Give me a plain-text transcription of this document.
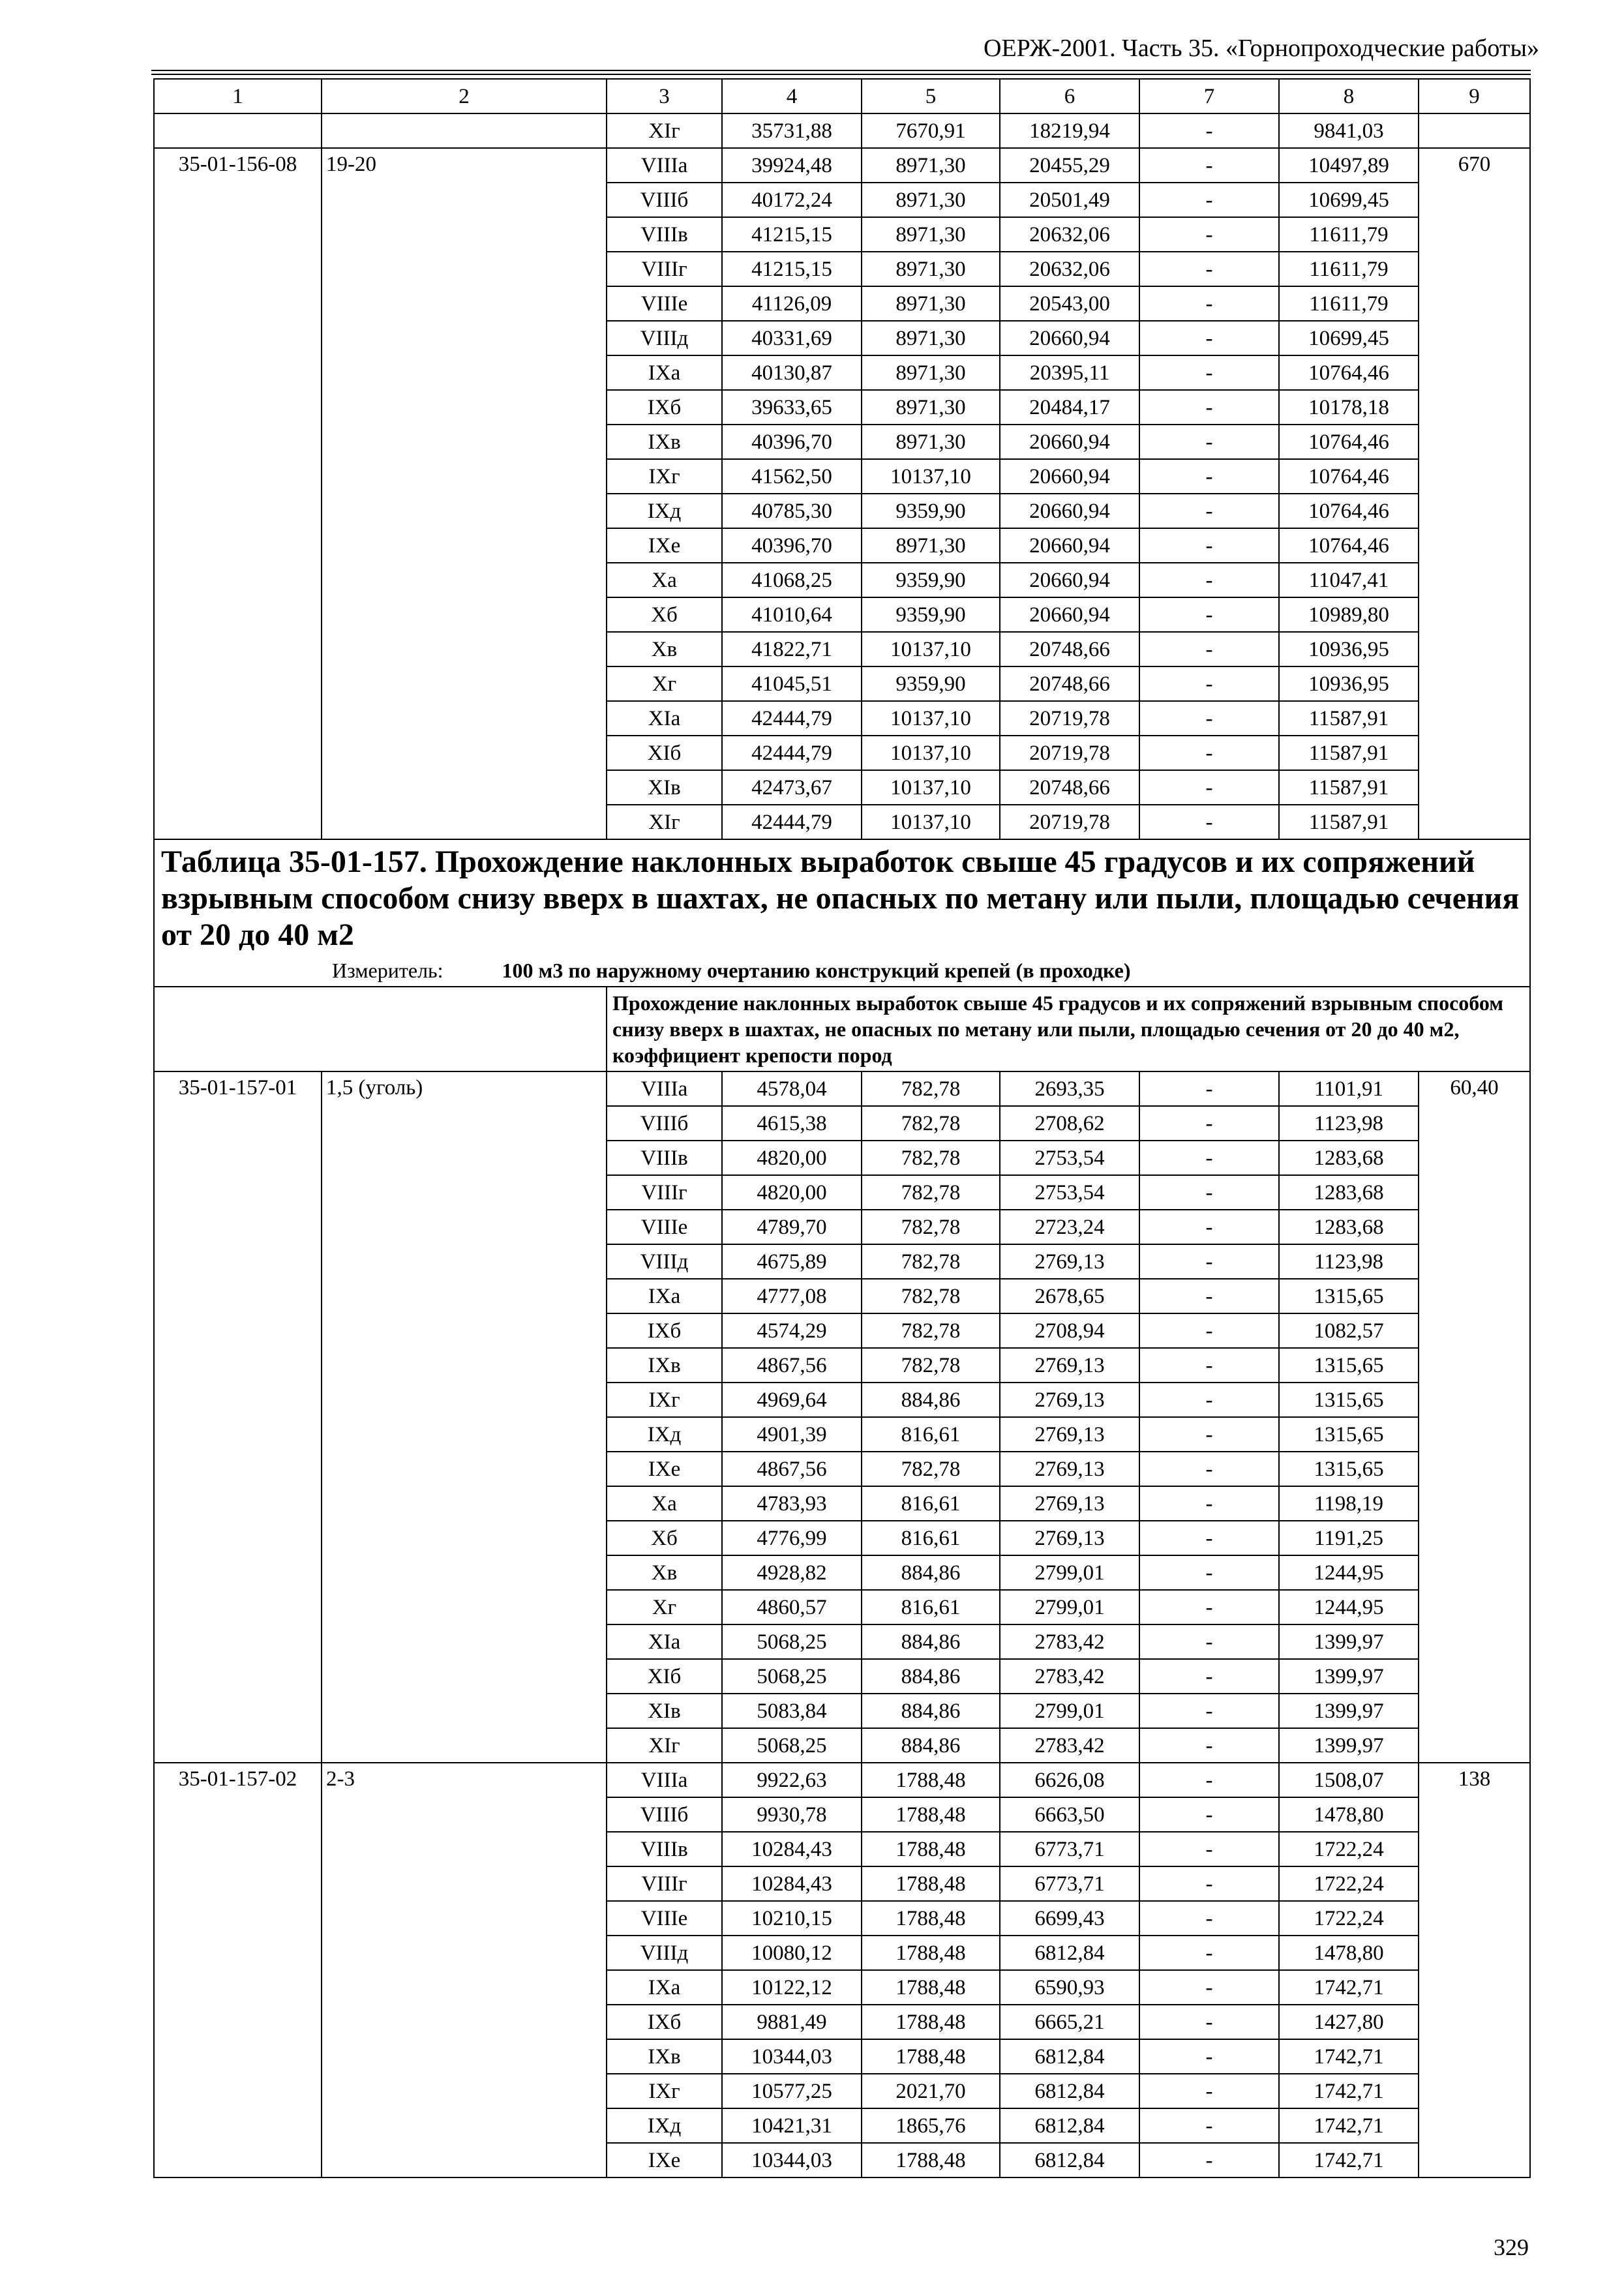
ОЕРЖ-2001. Часть 35. «Горнопроходческие работы»
1	2	3	4	5	6	7	8	9
		XIг	35731,88	7670,91	18219,94	-	9841,03	
35-01-156-08	19-20	VIIIа	39924,48	8971,30	20455,29	-	10497,89	670
		VIIIб	40172,24	8971,30	20501,49	-	10699,45	
		VIIIв	41215,15	8971,30	20632,06	-	11611,79	
		VIIIг	41215,15	8971,30	20632,06	-	11611,79	
		VIIIе	41126,09	8971,30	20543,00	-	11611,79	
		VIIIд	40331,69	8971,30	20660,94	-	10699,45	
		IXа	40130,87	8971,30	20395,11	-	10764,46	
		IXб	39633,65	8971,30	20484,17	-	10178,18	
		IXв	40396,70	8971,30	20660,94	-	10764,46	
		IXг	41562,50	10137,10	20660,94	-	10764,46	
		IXд	40785,30	9359,90	20660,94	-	10764,46	
		IXе	40396,70	8971,30	20660,94	-	10764,46	
		Xа	41068,25	9359,90	20660,94	-	11047,41	
		Xб	41010,64	9359,90	20660,94	-	10989,80	
		Xв	41822,71	10137,10	20748,66	-	10936,95	
		Xг	41045,51	9359,90	20748,66	-	10936,95	
		XIа	42444,79	10137,10	20719,78	-	11587,91	
		XIб	42444,79	10137,10	20719,78	-	11587,91	
		XIв	42473,67	10137,10	20748,66	-	11587,91	
		XIг	42444,79	10137,10	20719,78	-	11587,91	

Таблица 35-01-157. Прохождение наклонных выработок свыше 45 градусов и их сопряжений взрывным способом снизу вверх в шахтах, не опасных по метану или пыли, площадью сечения от 20 до 40 м2
Измеритель: 100 м3 по наружному очертанию конструкций крепей (в проходке)								

		Прохождение наклонных выработок свыше 45 градусов и их сопряжений взрывным способом снизу вверх в шахтах, не опасных по метану или пыли, площадью сечения от 20 до 40 м2, коэффициент крепости пород						
35-01-157-01	1,5 (уголь)	VIIIа	4578,04	782,78	2693,35	-	1101,91	60,40
		VIIIб	4615,38	782,78	2708,62	-	1123,98	
		VIIIв	4820,00	782,78	2753,54	-	1283,68	
		VIIIг	4820,00	782,78	2753,54	-	1283,68	
		VIIIе	4789,70	782,78	2723,24	-	1283,68	
		VIIIд	4675,89	782,78	2769,13	-	1123,98	
		IXа	4777,08	782,78	2678,65	-	1315,65	
		IXб	4574,29	782,78	2708,94	-	1082,57	
		IXв	4867,56	782,78	2769,13	-	1315,65	
		IXг	4969,64	884,86	2769,13	-	1315,65	
		IXд	4901,39	816,61	2769,13	-	1315,65	
		IXе	4867,56	782,78	2769,13	-	1315,65	
		Xа	4783,93	816,61	2769,13	-	1198,19	
		Xб	4776,99	816,61	2769,13	-	1191,25	
		Xв	4928,82	884,86	2799,01	-	1244,95	
		Xг	4860,57	816,61	2799,01	-	1244,95	
		XIа	5068,25	884,86	2783,42	-	1399,97	
		XIб	5068,25	884,86	2783,42	-	1399,97	
		XIв	5083,84	884,86	2799,01	-	1399,97	
		XIг	5068,25	884,86	2783,42	-	1399,97	
35-01-157-02	2-3	VIIIа	9922,63	1788,48	6626,08	-	1508,07	138
		VIIIб	9930,78	1788,48	6663,50	-	1478,80	
		VIIIв	10284,43	1788,48	6773,71	-	1722,24	
		VIIIг	10284,43	1788,48	6773,71	-	1722,24	
		VIIIе	10210,15	1788,48	6699,43	-	1722,24	
		VIIIд	10080,12	1788,48	6812,84	-	1478,80	
		IXа	10122,12	1788,48	6590,93	-	1742,71	
		IXб	9881,49	1788,48	6665,21	-	1427,80	
		IXв	10344,03	1788,48	6812,84	-	1742,71	
		IXг	10577,25	2021,70	6812,84	-	1742,71	
		IXд	10421,31	1865,76	6812,84	-	1742,71	
		IXе	10344,03	1788,48	6812,84	-	1742,71	
329
